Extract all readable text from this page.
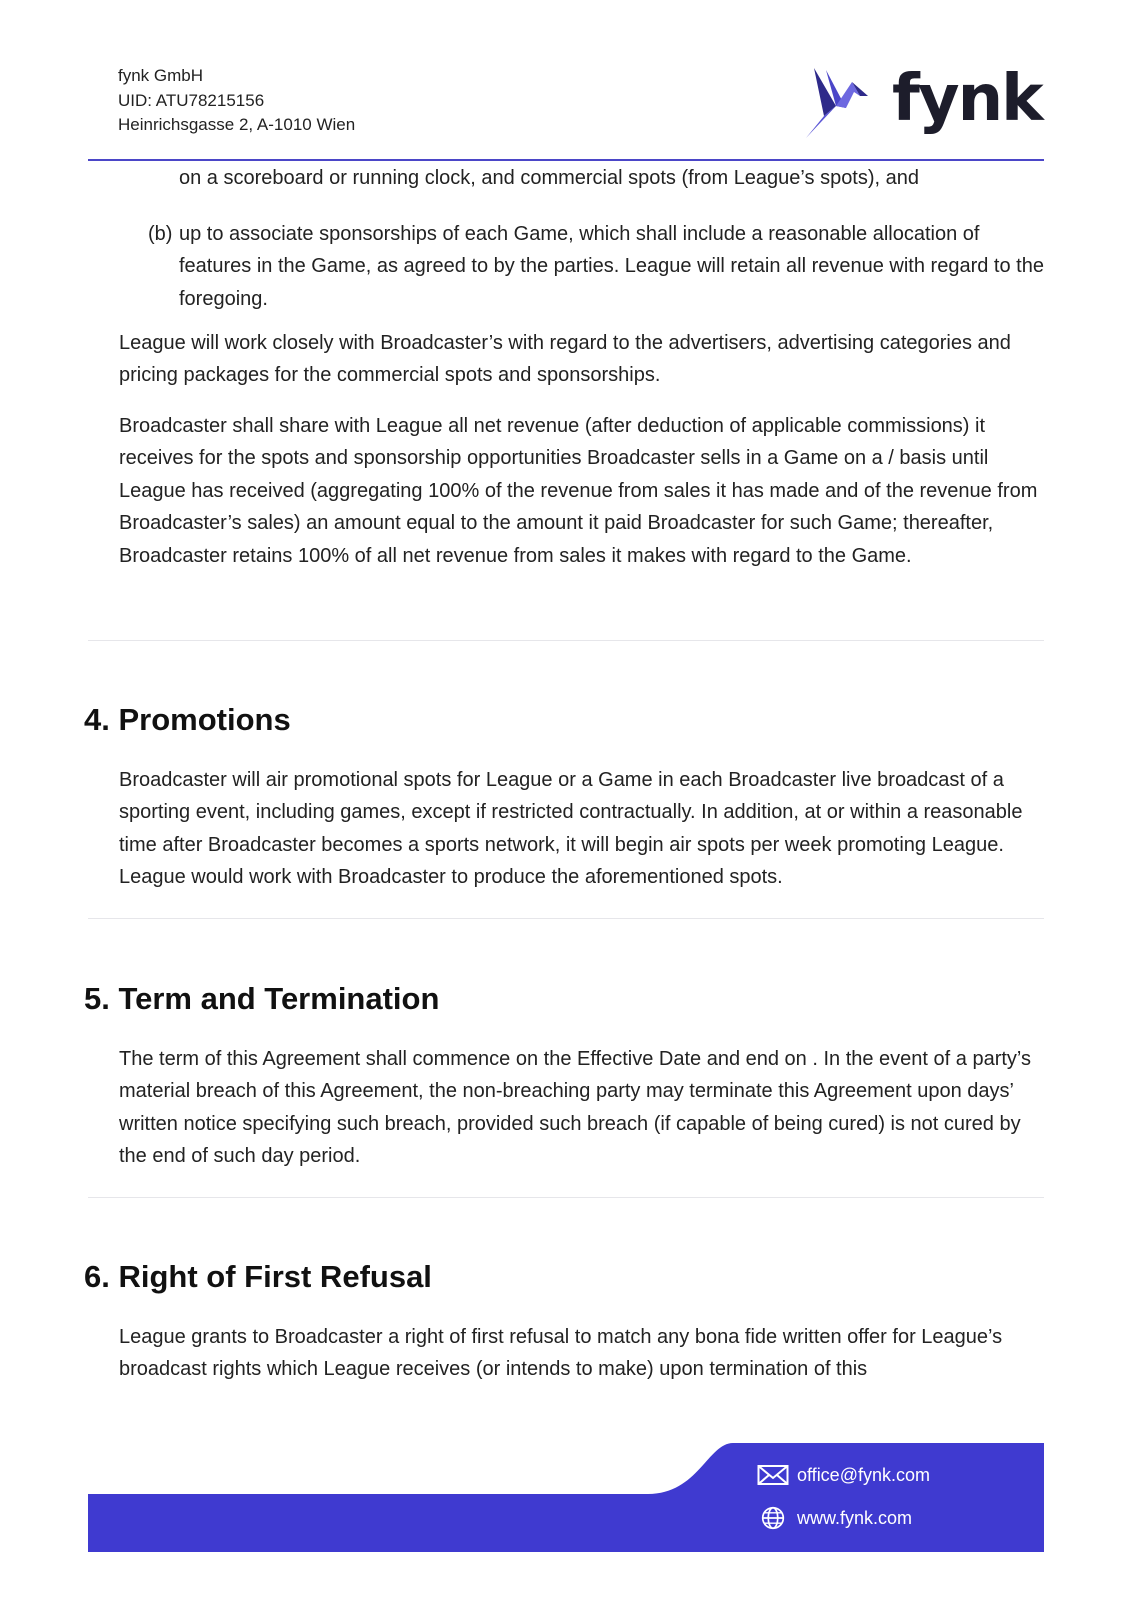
fynk GmbH
UID: ATU78215156
Heinrichsgasse 2, A-1010 Wien	fynk

on a scoreboard or running clock, and commercial spots (from League’s spots), and

(b) up to associate sponsorships of each Game, which shall include a reasonable allocation of features in the Game, as agreed to by the parties. League will retain all revenue with regard to the foregoing.

League will work closely with Broadcaster’s with regard to the advertisers, advertising categories and pricing packages for the commercial spots and sponsorships.

Broadcaster shall share with League all net revenue (after deduction of applicable commissions) it receives for the spots and sponsorship opportunities Broadcaster sells in a Game on a / basis until League has received (aggregating 100% of the revenue from sales it has made and of the revenue from Broadcaster’s sales) an amount equal to the amount it paid Broadcaster for such Game; thereafter, Broadcaster retains 100% of all net revenue from sales it makes with regard to the Game.

4. Promotions

Broadcaster will air promotional spots for League or a Game in each Broadcaster live broadcast of a sporting event, including games, except if restricted contractually. In addition, at or within a reasonable time after Broadcaster becomes a sports network, it will begin air spots per week promoting League. League would work with Broadcaster to produce the aforementioned spots.

5. Term and Termination

The term of this Agreement shall commence on the Effective Date and end on . In the event of a party’s material breach of this Agreement, the non-breaching party may terminate this Agreement upon days’ written notice specifying such breach, provided such breach (if capable of being cured) is not cured by the end of such day period.

6. Right of First Refusal

League grants to Broadcaster a right of first refusal to match any bona fide written offer for League’s broadcast rights which League receives (or intends to make) upon termination of this

office@fynk.com
www.fynk.com
